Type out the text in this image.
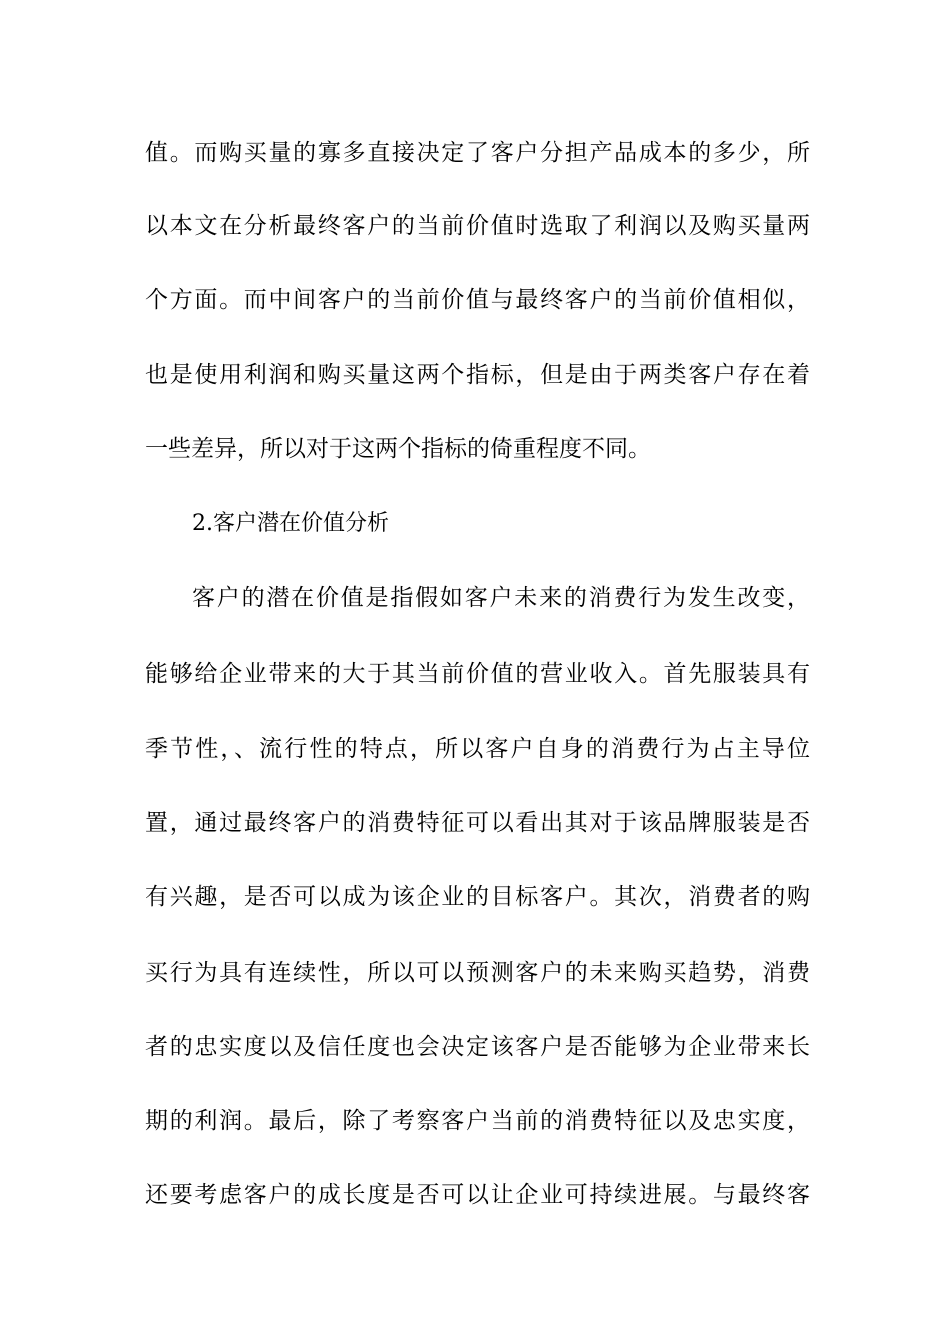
值。而购买量的寡多直接决定了客户分担产品成本的多少，所
以本文在分析最终客户的当前价值时选取了利润以及购买量两
个方面。而中间客户的当前价值与最终客户的当前价值相似，
也是使用利润和购买量这两个指标，但是由于两类客户存在着
一些差异，所以对于这两个指标的倚重程度不同。
2.客户潜在价值分析
客户的潜在价值是指假如客户未来的消费行为发生改变，
能够给企业带来的大于其当前价值的营业收入。首先服装具有
季节性，、流行性的特点，所以客户自身的消费行为占主导位
置，通过最终客户的消费特征可以看出其对于该品牌服装是否
有兴趣，是否可以成为该企业的目标客户。其次，消费者的购
买行为具有连续性，所以可以预测客户的未来购买趋势，消费
者的忠实度以及信任度也会决定该客户是否能够为企业带来长
期的利润。最后，除了考察客户当前的消费特征以及忠实度，
还要考虑客户的成长度是否可以让企业可持续进展。与最终客
